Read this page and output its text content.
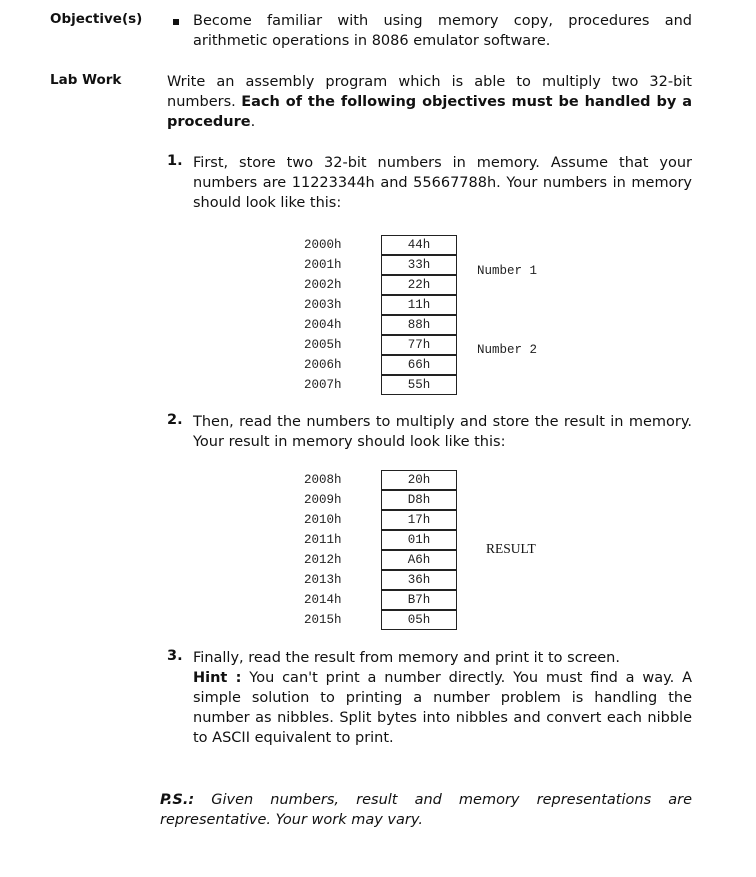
Objective(s)	Become familiar with using memory copy, procedures and arithmetic operations in 8086 emulator software.
Lab Work	Write an assembly program which is able to multiply two 32-bit numbers. Each of the following objectives must be handled by a procedure.
1. First, store two 32-bit numbers in memory. Assume that your numbers are 11223344h and 55667788h. Your numbers in memory should look like this:
2000h	44h
2001h	33h
2002h	22h
2003h	11h
2004h	88h
2005h	77h
2006h	66h
2007h	55h
Number 1
Number 2
2. Then, read the numbers to multiply and store the result in memory. Your result in memory should look like this:
2008h	20h
2009h	D8h
2010h	17h
2011h	01h
2012h	A6h
2013h	36h
2014h	B7h
2015h	05h
RESULT
3. Finally, read the result from memory and print it to screen.
Hint : You can't print a number directly. You must find a way. A simple solution to printing a number problem is handling the number as nibbles. Split bytes into nibbles and convert each nibble to ASCII equivalent to print.
P.S.: Given numbers, result and memory representations are representative. Your work may vary.
